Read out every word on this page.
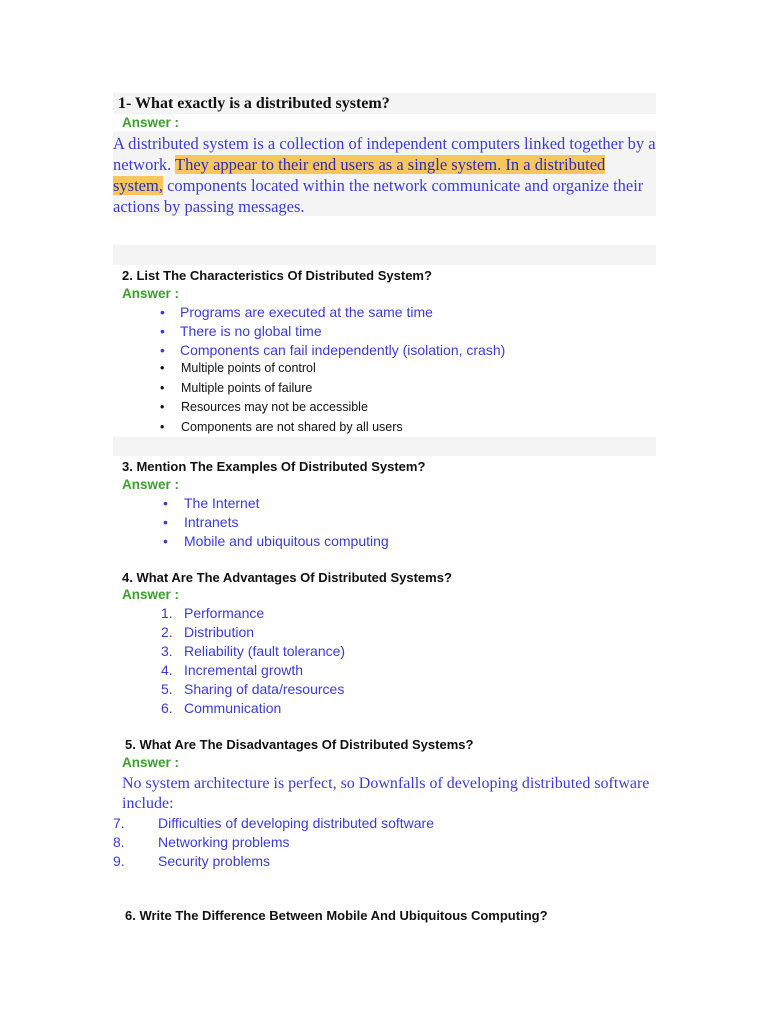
1- What exactly is a distributed system?
Answer :
A distributed system is a collection of independent computers linked together by a network. They appear to their end users as a single system. In a distributed system, components located within the network communicate and organize their actions by passing messages.
2. List The Characteristics Of Distributed System?
Answer :
• Programs are executed at the same time
• There is no global time
• Components can fail independently (isolation, crash)
• Multiple points of control
• Multiple points of failure
• Resources may not be accessible
• Components are not shared by all users
3. Mention The Examples Of Distributed System?
Answer :
• The Internet
• Intranets
• Mobile and ubiquitous computing
4. What Are The Advantages Of Distributed Systems?
Answer :
1. Performance
2. Distribution
3. Reliability (fault tolerance)
4. Incremental growth
5. Sharing of data/resources
6. Communication
5. What Are The Disadvantages Of Distributed Systems?
Answer :
No system architecture is perfect, so Downfalls of developing distributed software include:
7. Difficulties of developing distributed software
8. Networking problems
9. Security problems
6. Write The Difference Between Mobile And Ubiquitous Computing?
